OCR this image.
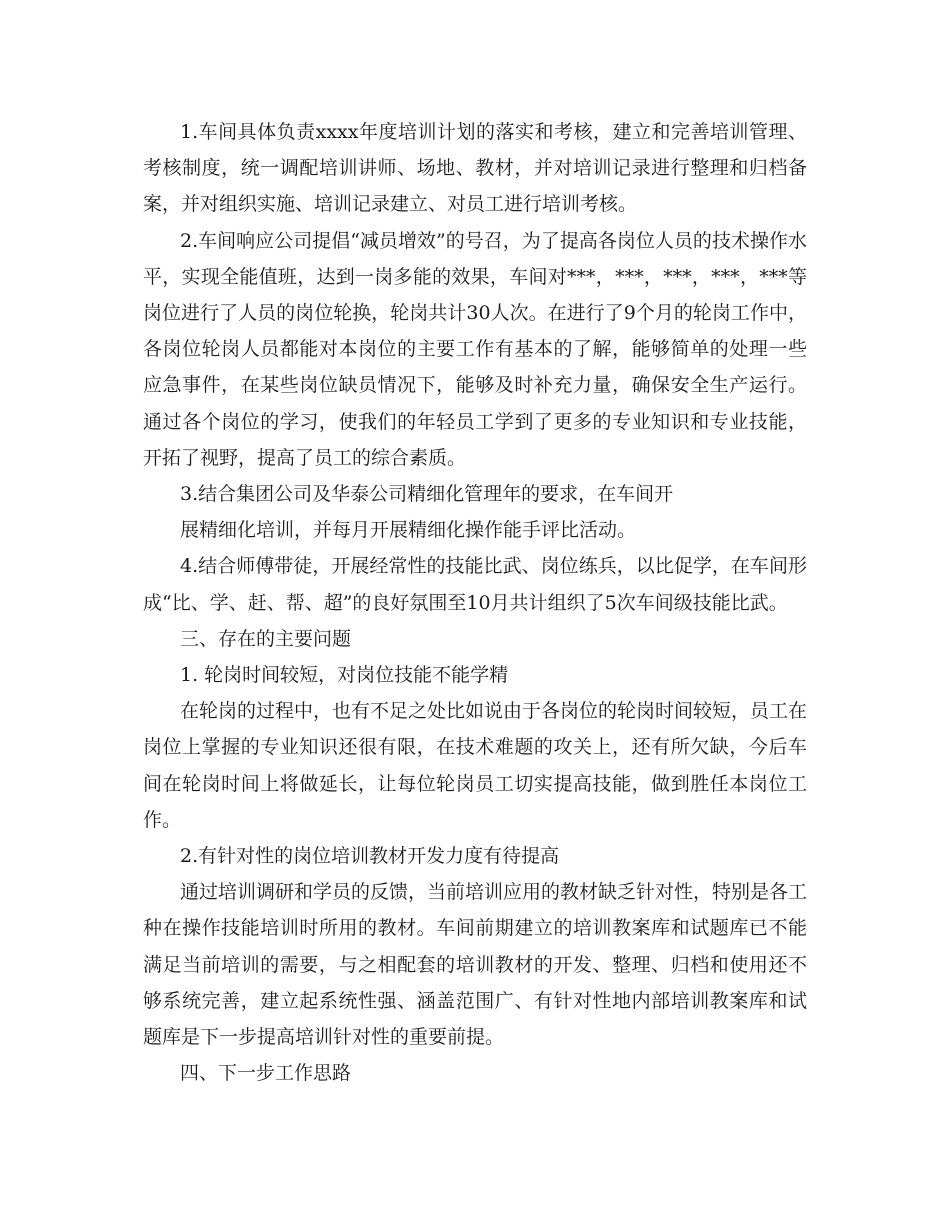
1.车间具体负责xxxx年度培训计划的落实和考核，建立和完善培训管理、考核制度，统一调配培训讲师、场地、教材，并对培训记录进行整理和归档备案，并对组织实施、培训记录建立、对员工进行培训考核。

2.车间响应公司提倡“减员增效”的号召，为了提高各岗位人员的技术操作水平，实现全能值班，达到一岗多能的效果，车间对***，***，***，***，***等岗位进行了人员的岗位轮换，轮岗共计30人次。在进行了9个月的轮岗工作中，各岗位轮岗人员都能对本岗位的主要工作有基本的了解，能够简单的处理一些应急事件，在某些岗位缺员情况下，能够及时补充力量，确保安全生产运行。通过各个岗位的学习，使我们的年轻员工学到了更多的专业知识和专业技能，开拓了视野，提高了员工的综合素质。

3.结合集团公司及华泰公司精细化管理年的要求，在车间开

展精细化培训，并每月开展精细化操作能手评比活动。

4.结合师傅带徒，开展经常性的技能比武、岗位练兵，以比促学，在车间形成“比、学、赶、帮、超”的良好氛围至10月共计组织了5次车间级技能比武。

三、存在的主要问题

1. 轮岗时间较短，对岗位技能不能学精

在轮岗的过程中，也有不足之处比如说由于各岗位的轮岗时间较短，员工在岗位上掌握的专业知识还很有限，在技术难题的攻关上，还有所欠缺，今后车间在轮岗时间上将做延长，让每位轮岗员工切实提高技能，做到胜任本岗位工作。

2.有针对性的岗位培训教材开发力度有待提高

通过培训调研和学员的反馈，当前培训应用的教材缺乏针对性，特别是各工种在操作技能培训时所用的教材。车间前期建立的培训教案库和试题库已不能满足当前培训的需要，与之相配套的培训教材的开发、整理、归档和使用还不够系统完善，建立起系统性强、涵盖范围广、有针对性地内部培训教案库和试题库是下一步提高培训针对性的重要前提。

四、下一步工作思路
